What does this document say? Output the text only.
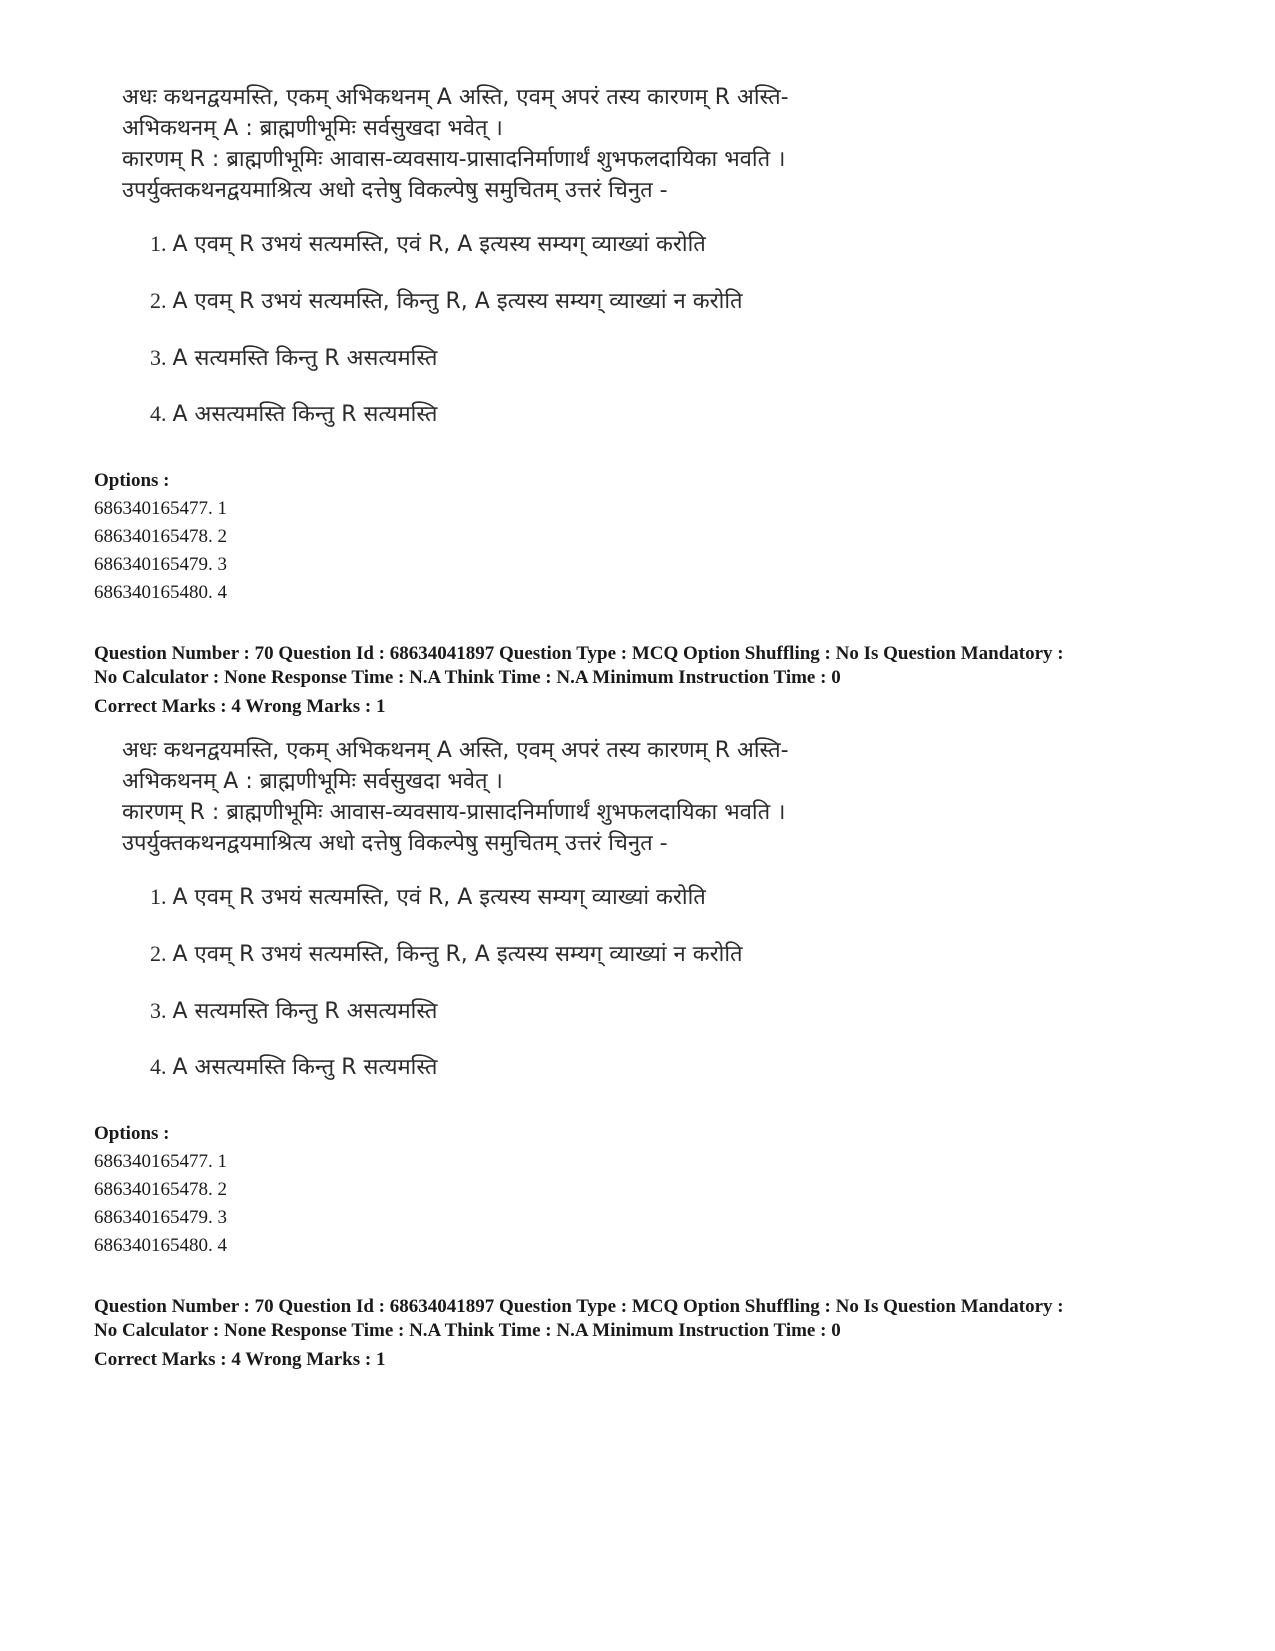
अधः कथनद्वयमस्ति, एकम् अभिकथनम् A अस्ति, एवम् अपरं तस्य कारणम् R अस्ति-
अभिकथनम् A : ब्राह्मणीभूमिः सर्वसुखदा भवेत् ।
कारणम् R : ब्राह्मणीभूमिः आवास-व्यवसाय-प्रासादनिर्माणार्थं शुभफलदायिका भवति ।
उपर्युक्तकथनद्वयमाश्रित्य अधो दत्तेषु विकल्पेषु समुचितम् उत्तरं चिनुत -
1. A एवम् R उभयं सत्यमस्ति, एवं R, A इत्यस्य सम्यग् व्याख्यां करोति
2. A एवम् R उभयं सत्यमस्ति, किन्तु R, A इत्यस्य सम्यग् व्याख्यां न करोति
3. A सत्यमस्ति किन्तु R असत्यमस्ति
4. A असत्यमस्ति किन्तु R सत्यमस्ति
Options :
686340165477. 1
686340165478. 2
686340165479. 3
686340165480. 4
Question Number : 70 Question Id : 68634041897 Question Type : MCQ Option Shuffling : No Is Question Mandatory :
No Calculator : None Response Time : N.A Think Time : N.A Minimum Instruction Time : 0
Correct Marks : 4 Wrong Marks : 1
अधः कथनद्वयमस्ति, एकम् अभिकथनम् A अस्ति, एवम् अपरं तस्य कारणम् R अस्ति-
अभिकथनम् A : ब्राह्मणीभूमिः सर्वसुखदा भवेत् ।
कारणम् R : ब्राह्मणीभूमिः आवास-व्यवसाय-प्रासादनिर्माणार्थं शुभफलदायिका भवति ।
उपर्युक्तकथनद्वयमाश्रित्य अधो दत्तेषु विकल्पेषु समुचितम् उत्तरं चिनुत -
1. A एवम् R उभयं सत्यमस्ति, एवं R, A इत्यस्य सम्यग् व्याख्यां करोति
2. A एवम् R उभयं सत्यमस्ति, किन्तु R, A इत्यस्य सम्यग् व्याख्यां न करोति
3. A सत्यमस्ति किन्तु R असत्यमस्ति
4. A असत्यमस्ति किन्तु R सत्यमस्ति
Options :
686340165477. 1
686340165478. 2
686340165479. 3
686340165480. 4
Question Number : 70 Question Id : 68634041897 Question Type : MCQ Option Shuffling : No Is Question Mandatory :
No Calculator : None Response Time : N.A Think Time : N.A Minimum Instruction Time : 0
Correct Marks : 4 Wrong Marks : 1
